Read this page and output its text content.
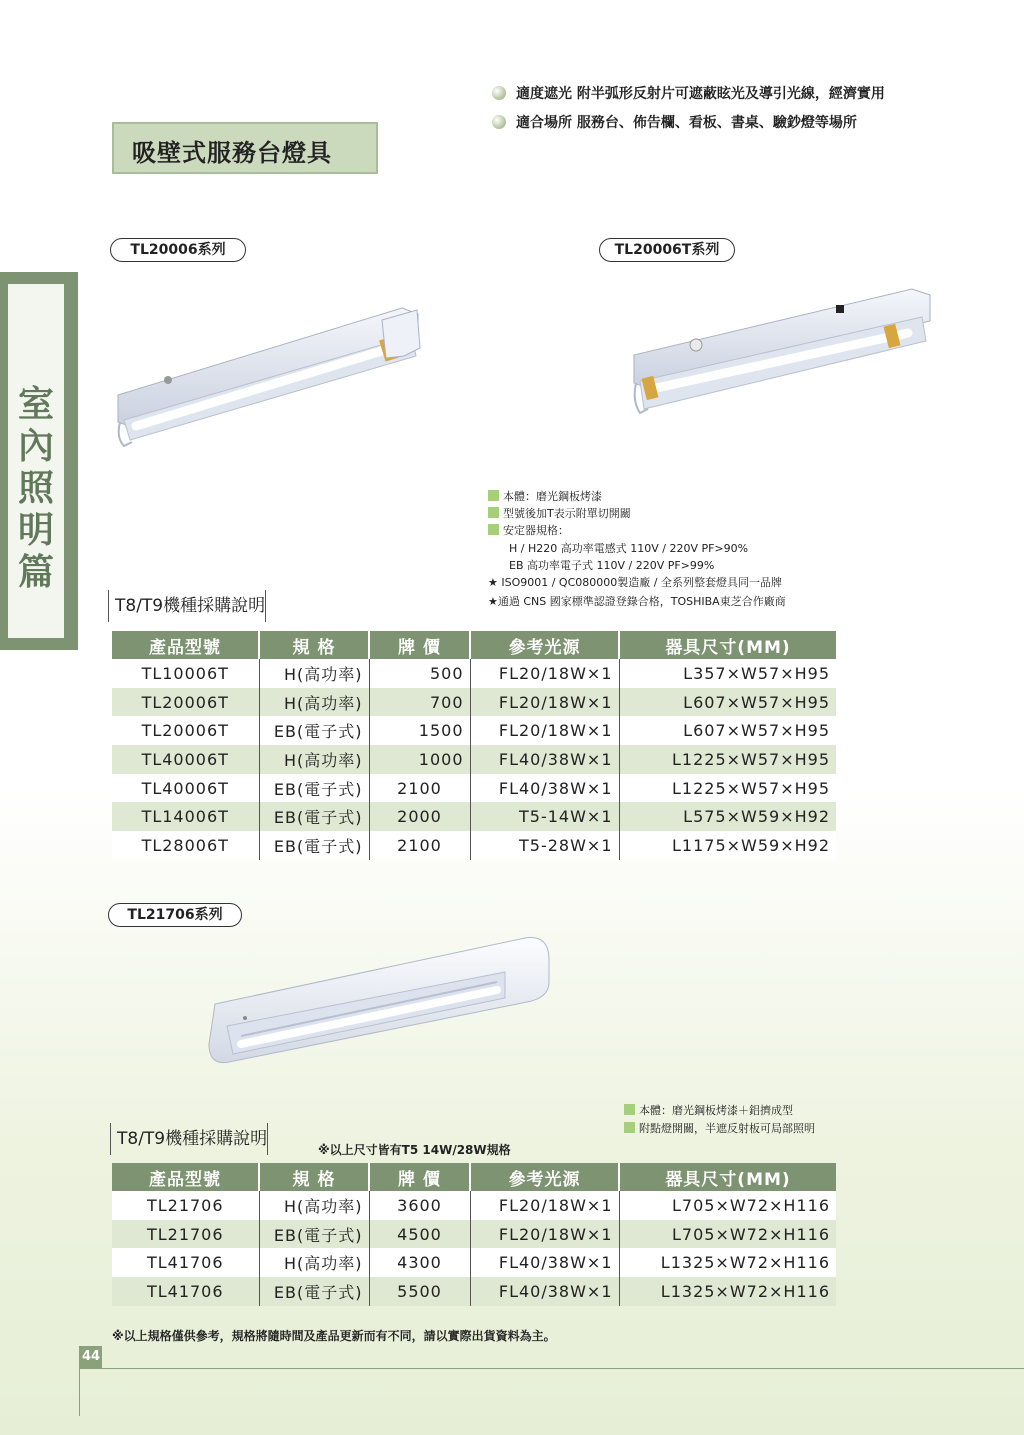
室
內
照
明
篇
適度遮光 附半弧形反射片可遮蔽眩光及導引光線，經濟實用
適合場所 服務台、佈告欄、看板、書桌、驗鈔燈等場所
吸壁式服務台燈具
TL20006系列	TL20006T系列
TL21706系列
本體：磨光鋼板烤漆
型號後加T表示附單切開關
安定器規格：
H / H220 高功率電感式 110V / 220V PF>90%
EB 高功率電子式 110V / 220V PF>99%
★ ISO9001 / QC080000製造廠 / 全系列整套燈具同一品牌
★通過 CNS 國家標準認證登錄合格，TOSHIBA東芝合作廠商
T8/T9機種採購說明
產品型號	規 格	牌 價	參考光源	器具尺寸(MM)
TL10006T	H(高功率)	500	FL20/18W×1	L357×W57×H95
TL20006T	H(高功率)	700	FL20/18W×1	L607×W57×H95
TL20006T	EB(電子式)	1500	FL20/18W×1	L607×W57×H95
TL40006T	H(高功率)	1000	FL40/38W×1	L1225×W57×H95
TL40006T	EB(電子式)	2100	FL40/38W×1	L1225×W57×H95
TL14006T	EB(電子式)	2000	T5-14W×1	L575×W59×H92
TL28006T	EB(電子式)	2100	T5-28W×1	L1175×W59×H92
本體：磨光鋼板烤漆＋鋁擠成型
附點燈開關，半遮反射板可局部照明
T8/T9機種採購說明
※以上尺寸皆有T5 14W/28W規格
產品型號	規 格	牌 價	參考光源	器具尺寸(MM)
TL21706	H(高功率)	3600	FL20/18W×1	L705×W72×H116
TL21706	EB(電子式)	4500	FL20/18W×1	L705×W72×H116
TL41706	H(高功率)	4300	FL40/38W×1	L1325×W72×H116
TL41706	EB(電子式)	5500	FL40/38W×1	L1325×W72×H116
※以上規格僅供參考，規格將隨時間及產品更新而有不同，請以實際出貨資料為主。
44
